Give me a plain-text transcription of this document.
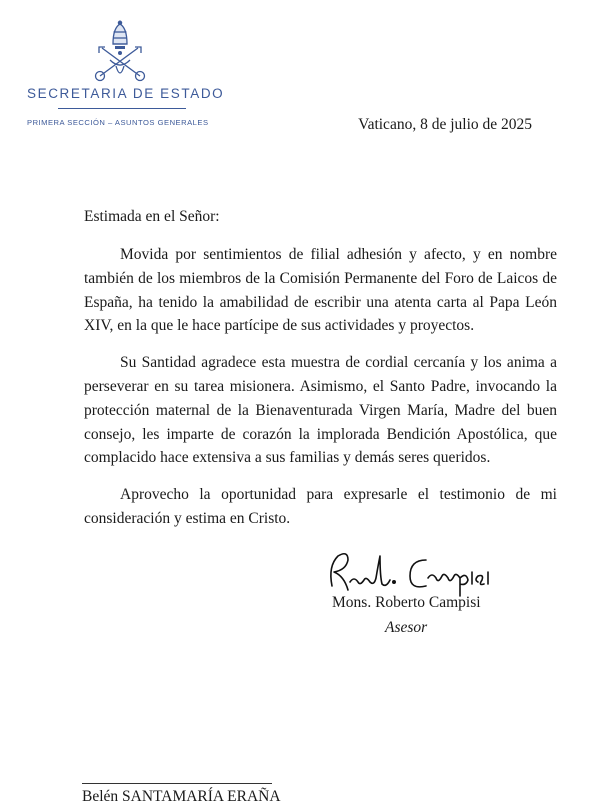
SECRETARIA DE ESTADO
PRIMERA SECCIÓN – ASUNTOS GENERALES	Vaticano, 8 de julio de 2025
Estimada en el Señor:

Movida por sentimientos de filial adhesión y afecto, y en nombre también de los miembros de la Comisión Permanente del Foro de Laicos de España, ha tenido la amabilidad de escribir una atenta carta al Papa León XIV, en la que le hace partícipe de sus actividades y proyectos.

Su Santidad agradece esta muestra de cordial cercanía y los anima a perseverar en su tarea misionera. Asimismo, el Santo Padre, invocando la protección maternal de la Bienaventurada Virgen María, Madre del buen consejo, les imparte de corazón la implorada Bendición Apostólica, que complacido hace extensiva a sus familias y demás seres queridos.

Aprovecho la oportunidad para expresarle el testimonio de mi consideración y estima en Cristo.

Mons. Roberto Campisi
Asesor
Belén SANTAMARÍA ERAÑA
